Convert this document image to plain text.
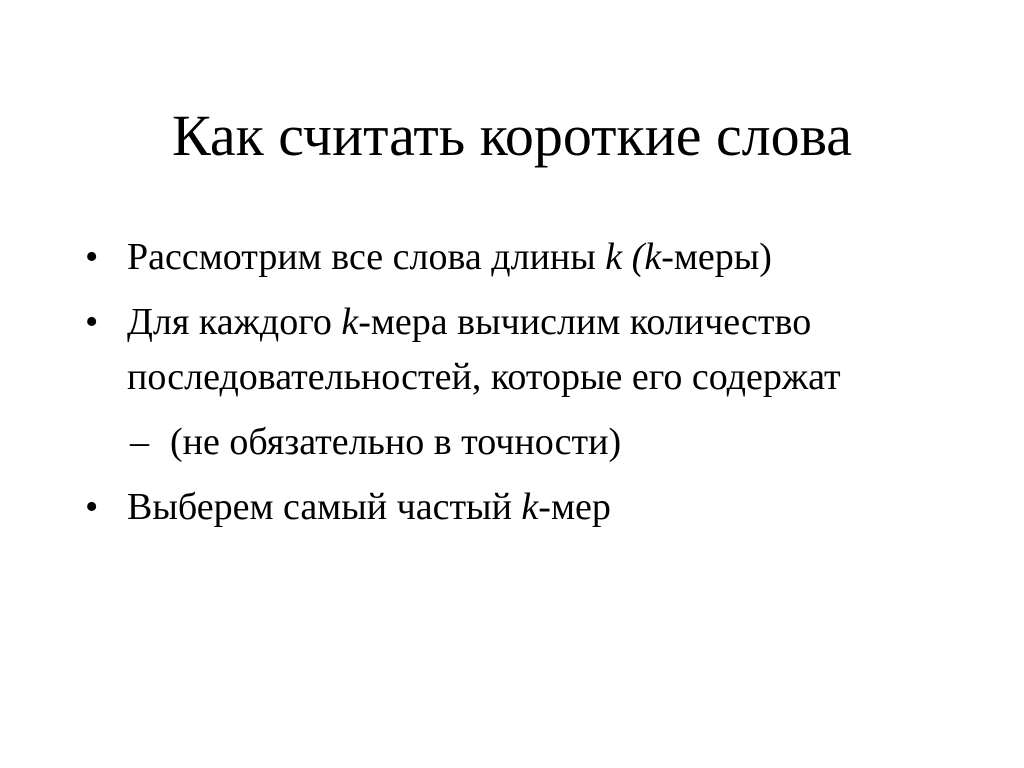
Как считать короткие слова
• Рассмотрим все слова длины k (k-меры)
• Для каждого k-мера вычислим количество последовательностей, которые его содержат
– (не обязательно в точности)
• Выберем самый частый k-мер
